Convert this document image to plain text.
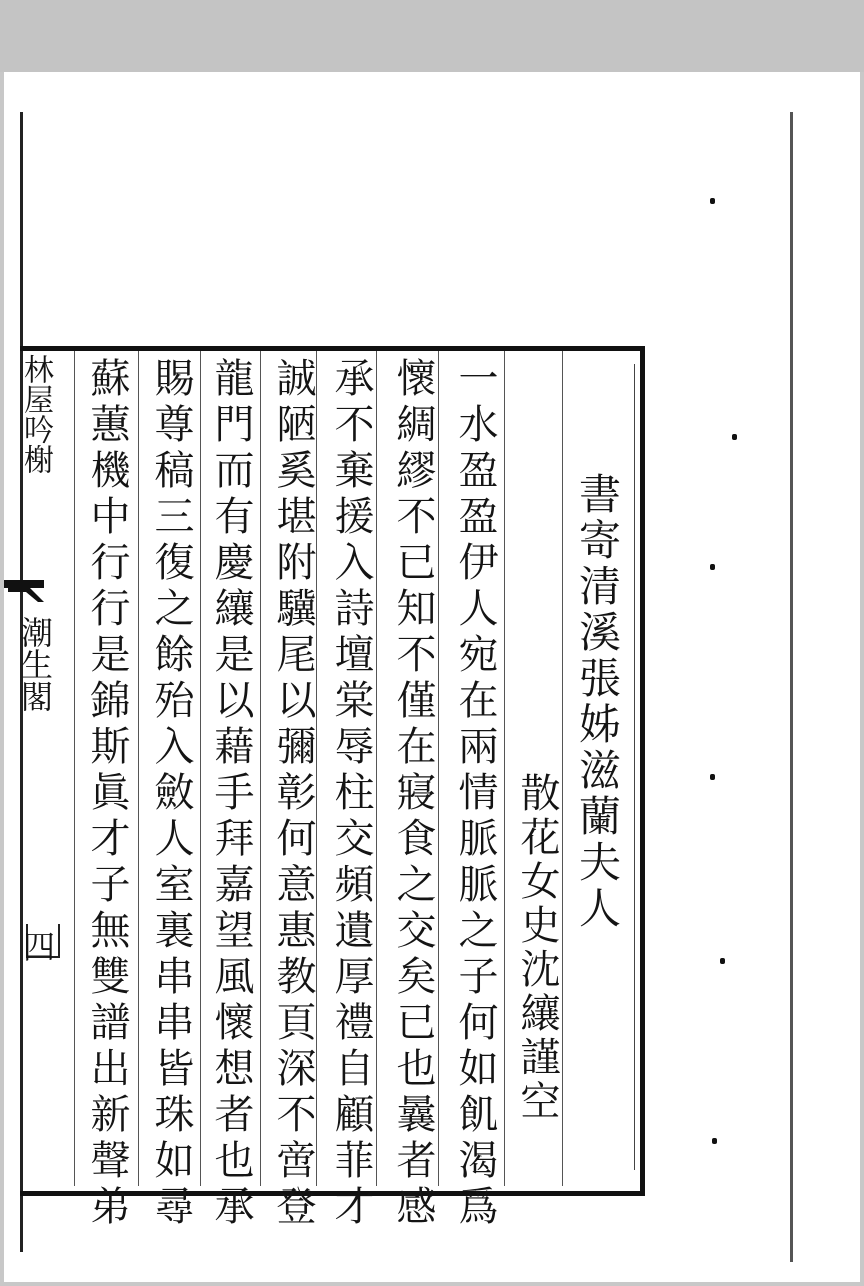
書寄清溪張姊滋蘭夫人
散花女史沈纕謹空
一水盈盈伊人宛在兩情脈脈之子何如飢渴爲
懷綢繆不已知不僅在寢食之交矣已也曩者感
承不棄援入詩壇棠辱柱交頻遺厚禮自顧菲才
誠陋奚堪附驥尾以彌彰何意惠教頁深不啻登
龍門而有慶纕是以藉手拜嘉望風懷想者也承
賜尊稿三復之餘殆入斂人室裏串串皆珠如尋
蘇蕙機中行行是錦斯眞才子無雙譜出新聲弟
林屋吟榭
潮生閣
四
